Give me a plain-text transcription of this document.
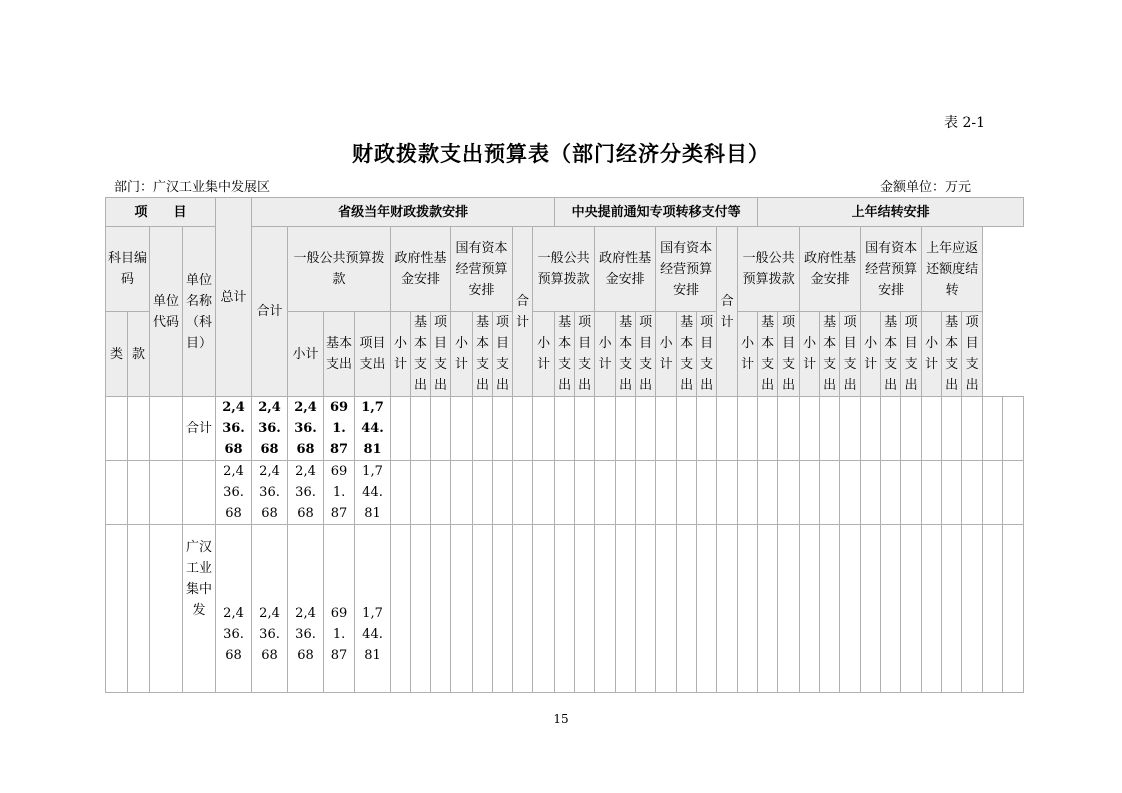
表 2-1
财政拨款支出预算表（部门经济分类科目）
部门：广汉工业集中发展区	金额单位：万元
项　　目				总计	省级当年财政拨款安排												中央提前通知专项转移支付等										上年结转安排												
科目编码		单位代码	单位名称（科目）		合计	一般公共预算拨款			政府性基金安排			国有资本经营预算安排			合计	一般公共预算拨款			政府性基金安排			国有资本经营预算安排			合计	一般公共预算拨款			政府性基金安排			国有资本经营预算安排			上年应返还额度结转				
类	款					小计	基本支出	项目支出	小计	基本支出	项目支出	小计	基本支出	项目支出		小计	基本支出	项目支出	小计	基本支出	项目支出	小计	基本支出	项目支出		小计	基本支出	项目支出	小计	基本支出	项目支出	小计	基本支出	项目支出	小计	基本支出	项目支出		

			合计	2,4
36.
68	2,4
36.
68	2,4
36.
68	69
1.
87	1,7
44.
81																															

				2,4
36.
68	2,4
36.
68	2,4
36.
68	69
1.
87	1,7
44.
81																															

			广汉工业集中发	2,4
36.
68	2,4
36.
68	2,4
36.
68	69
1.
87	1,7
44.
81																															

15
